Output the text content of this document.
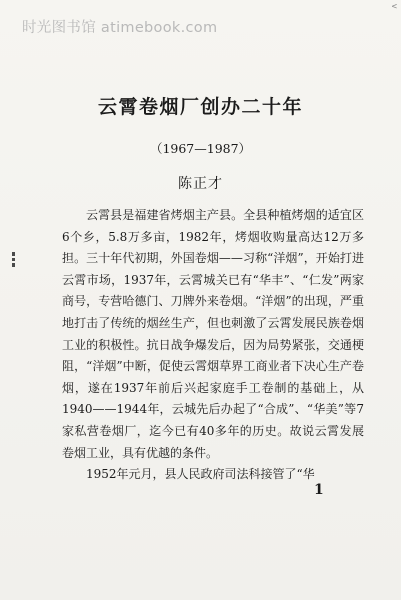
时光图书馆 atimebook.com
<
云霄卷烟厂创办二十年
（1967—1987）
陈正才

云霄县是福建省烤烟主产县。全县种植烤烟的适宜区6个乡，5.8万多亩，1982年，烤烟收购量高达12万多担。三十年代初期，外国卷烟——习称“洋烟”，开始打进云霄市场，1937年，云霄城关已有“华丰”、“仁发”两家商号，专营哈德门、刀牌外来卷烟。“洋烟”的出现，严重地打击了传统的烟丝生产，但也刺激了云霄发展民族卷烟工业的积极性。抗日战争爆发后，因为局势紧张，交通梗阻，“洋烟”中断，促使云霄烟草界工商业者下决心生产卷烟，遂在1937年前后兴起家庭手工卷制的基础上，从1940——1944年，云城先后办起了“合成”、“华美”等7家私营卷烟厂，迄今已有40多年的历史。故说云霄发展卷烟工业，具有优越的条件。

1952年元月，县人民政府司法科接管了“华

1
